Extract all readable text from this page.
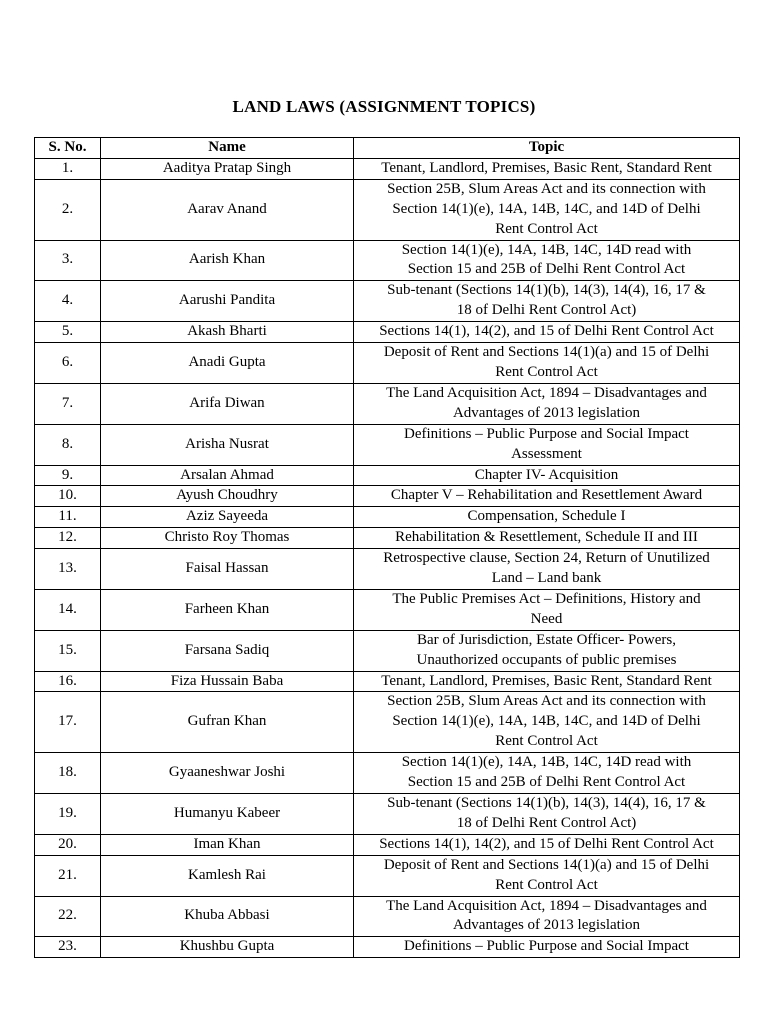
LAND LAWS (ASSIGNMENT TOPICS)
S. No.	Name	Topic
1.	Aaditya Pratap Singh	Tenant, Landlord, Premises, Basic Rent, Standard Rent

2.	Aarav Anand	Section 25B, Slum Areas Act and its connection with
Section 14(1)(e), 14A, 14B, 14C, and 14D of Delhi
Rent Control Act

3.	Aarish Khan	Section 14(1)(e), 14A, 14B, 14C, 14D read with
Section 15 and 25B of Delhi Rent Control Act

4.	Aarushi Pandita	Sub-tenant (Sections 14(1)(b), 14(3), 14(4), 16, 17 &
18 of Delhi Rent Control Act)

5.	Akash Bharti	Sections 14(1), 14(2), and 15 of Delhi Rent Control Act

6.	Anadi Gupta	Deposit of Rent and Sections 14(1)(a) and 15 of Delhi
Rent Control Act

7.	Arifa Diwan	The Land Acquisition Act, 1894 – Disadvantages and
Advantages of 2013 legislation

8.	Arisha Nusrat	Definitions – Public Purpose and Social Impact
Assessment

9.	Arsalan Ahmad	Chapter IV- Acquisition

10.	Ayush Choudhry	Chapter V – Rehabilitation and Resettlement Award

11.	Aziz Sayeeda	Compensation, Schedule I

12.	Christo Roy Thomas	Rehabilitation & Resettlement, Schedule II and III

13.	Faisal Hassan	Retrospective clause, Section 24, Return of Unutilized
Land – Land bank

14.	Farheen Khan	The Public Premises Act – Definitions, History and
Need

15.	Farsana Sadiq	Bar of Jurisdiction, Estate Officer- Powers,
Unauthorized occupants of public premises

16.	Fiza Hussain Baba	Tenant, Landlord, Premises, Basic Rent, Standard Rent

17.	Gufran Khan	Section 25B, Slum Areas Act and its connection with
Section 14(1)(e), 14A, 14B, 14C, and 14D of Delhi
Rent Control Act

18.	Gyaaneshwar Joshi	Section 14(1)(e), 14A, 14B, 14C, 14D read with
Section 15 and 25B of Delhi Rent Control Act

19.	Humanyu Kabeer	Sub-tenant (Sections 14(1)(b), 14(3), 14(4), 16, 17 &
18 of Delhi Rent Control Act)

20.	Iman Khan	Sections 14(1), 14(2), and 15 of Delhi Rent Control Act

21.	Kamlesh Rai	Deposit of Rent and Sections 14(1)(a) and 15 of Delhi
Rent Control Act

22.	Khuba Abbasi	The Land Acquisition Act, 1894 – Disadvantages and
Advantages of 2013 legislation

23.	Khushbu Gupta	Definitions – Public Purpose and Social Impact
